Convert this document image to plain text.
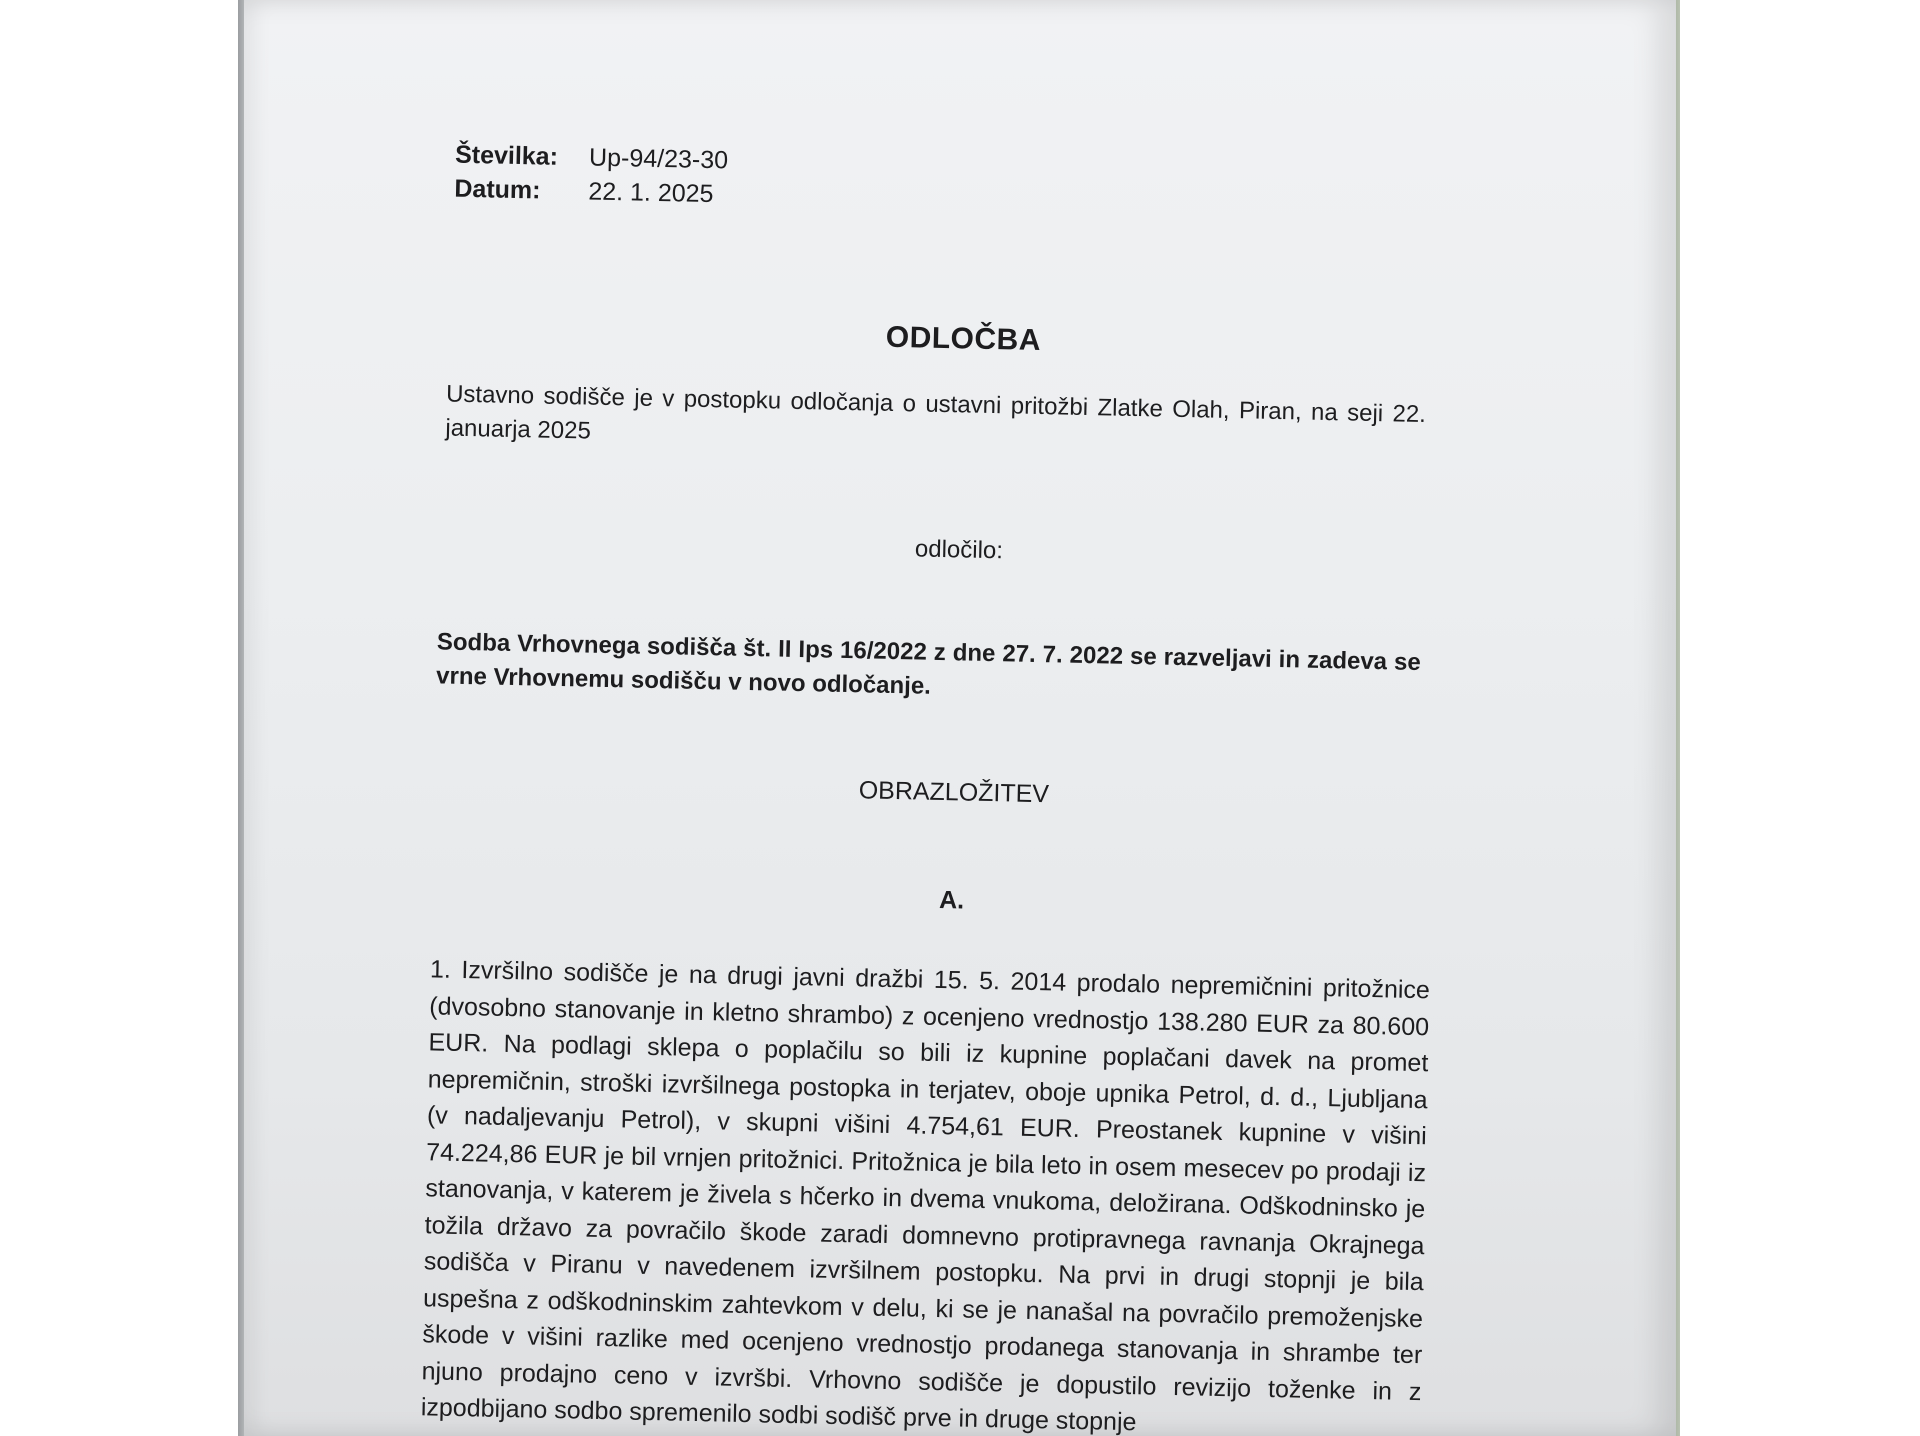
Številka:	Up-94/23-30
Datum:	22. 1. 2025
ODLOČBA
Ustavno sodišče je v postopku odločanja o ustavni pritožbi Zlatke Olah, Piran, na seji 22. januarja 2025
odločilo:
Sodba Vrhovnega sodišča št. II Ips 16/2022 z dne 27. 7. 2022 se razveljavi in zadeva se vrne Vrhovnemu sodišču v novo odločanje.
OBRAZLOŽITEV
A.
1. Izvršilno sodišče je na drugi javni dražbi 15. 5. 2014 prodalo nepremičnini pritožnice (dvosobno stanovanje in kletno shrambo) z ocenjeno vrednostjo 138.280 EUR za 80.600 EUR. Na podlagi sklepa o poplačilu so bili iz kupnine poplačani davek na promet nepremičnin, stroški izvršilnega postopka in terjatev, oboje upnika Petrol, d. d., Ljubljana (v nadaljevanju Petrol), v skupni višini 4.754,61 EUR. Preostanek kupnine v višini 74.224,86 EUR je bil vrnjen pritožnici. Pritožnica je bila leto in osem mesecev po prodaji iz stanovanja, v katerem je živela s hčerko in dvema vnukoma, deložirana. Odškodninsko je tožila državo za povračilo škode zaradi domnevno protipravnega ravnanja Okrajnega sodišča v Piranu v navedenem izvršilnem postopku. Na prvi in drugi stopnji je bila uspešna z odškodninskim zahtevkom v delu, ki se je nanašal na povračilo premoženjske škode v višini razlike med ocenjeno vrednostjo prodanega stanovanja in shrambe ter njuno prodajno ceno v izvršbi. Vrhovno sodišče je dopustilo revizijo toženke in z izpodbijano sodbo spremenilo sodbi sodišč prve in druge stopnje
